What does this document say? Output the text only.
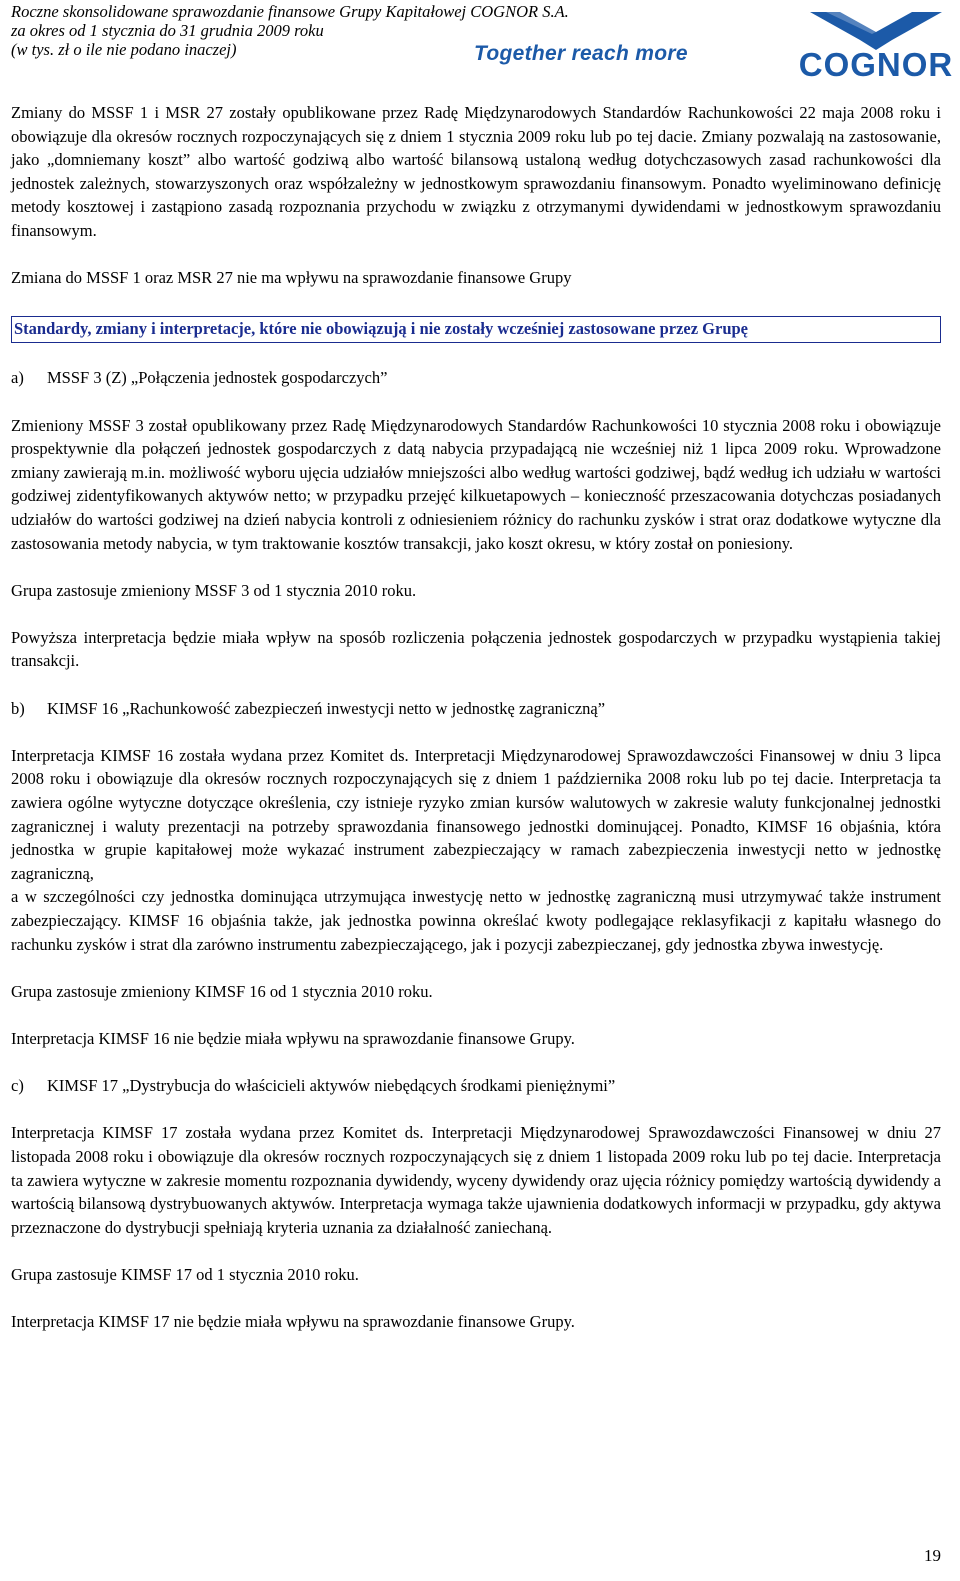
Roczne skonsolidowane sprawozdanie finansowe Grupy Kapitałowej COGNOR S.A.
za okres od 1 stycznia do 31 grudnia 2009 roku
(w tys. zł o ile nie podano inaczej)	Together reach more	COGNOR

Zmiany do MSSF 1 i MSR 27 zostały opublikowane przez Radę Międzynarodowych Standardów Rachunkowości 22 maja 2008 roku i obowiązuje dla okresów rocznych rozpoczynających się z dniem 1 stycznia 2009 roku lub po tej dacie. Zmiany pozwalają na zastosowanie, jako „domniemany koszt” albo wartość godziwą albo wartość bilansową ustaloną według dotychczasowych zasad rachunkowości dla jednostek zależnych, stowarzyszonych oraz współzależny w jednostkowym sprawozdaniu finansowym. Ponadto wyeliminowano definicję metody kosztowej i zastąpiono zasadą rozpoznania przychodu w związku z otrzymanymi dywidendami w jednostkowym sprawozdaniu finansowym.

Zmiana do MSSF 1 oraz MSR 27 nie ma wpływu na sprawozdanie finansowe Grupy

Standardy, zmiany i interpretacje, które nie obowiązują i nie zostały wcześniej zastosowane przez Grupę
a)	MSSF 3 (Z) „Połączenia jednostek gospodarczych”

Zmieniony MSSF 3 został opublikowany przez Radę Międzynarodowych Standardów Rachunkowości 10 stycznia 2008 roku i obowiązuje prospektywnie dla połączeń jednostek gospodarczych z datą nabycia przypadającą nie wcześniej niż 1 lipca 2009 roku. Wprowadzone zmiany zawierają m.in. możliwość wyboru ujęcia udziałów mniejszości albo według wartości godziwej, bądź według ich udziału w wartości godziwej zidentyfikowanych aktywów netto; w przypadku przejęć kilkuetapowych – konieczność przeszacowania dotychczas posiadanych udziałów do wartości godziwej na dzień nabycia kontroli z odniesieniem różnicy do rachunku zysków i strat oraz dodatkowe wytyczne dla zastosowania metody nabycia, w tym traktowanie kosztów transakcji, jako koszt okresu, w który został on poniesiony.

Grupa zastosuje zmieniony MSSF 3 od 1 stycznia 2010 roku.

Powyższa interpretacja będzie miała wpływ na sposób rozliczenia połączenia jednostek gospodarczych w przypadku wystąpienia takiej transakcji.

b)	KIMSF 16 „Rachunkowość zabezpieczeń inwestycji netto w jednostkę zagraniczną”

Interpretacja KIMSF 16 została wydana przez Komitet ds. Interpretacji Międzynarodowej Sprawozdawczości Finansowej w dniu 3 lipca 2008 roku i obowiązuje dla okresów rocznych rozpoczynających się z dniem 1 października 2008 roku lub po tej dacie. Interpretacja ta zawiera ogólne wytyczne dotyczące określenia, czy istnieje ryzyko zmian kursów walutowych w zakresie waluty funkcjonalnej jednostki zagranicznej i waluty prezentacji na potrzeby sprawozdania finansowego jednostki dominującej. Ponadto, KIMSF 16 objaśnia, która jednostka w grupie kapitałowej może wykazać instrument zabezpieczający w ramach zabezpieczenia inwestycji netto w jednostkę zagraniczną,

a w szczególności czy jednostka dominująca utrzymująca inwestycję netto w jednostkę zagraniczną musi utrzymywać także instrument zabezpieczający. KIMSF 16 objaśnia także, jak jednostka powinna określać kwoty podlegające reklasyfikacji z kapitału własnego do rachunku zysków i strat dla zarówno instrumentu zabezpieczającego, jak i pozycji zabezpieczanej, gdy jednostka zbywa inwestycję.

Grupa zastosuje zmieniony KIMSF 16 od 1 stycznia 2010 roku.

Interpretacja KIMSF 16 nie będzie miała wpływu na sprawozdanie finansowe Grupy.

c)	KIMSF 17 „Dystrybucja do właścicieli aktywów niebędących środkami pieniężnymi”

Interpretacja KIMSF 17 została wydana przez Komitet ds. Interpretacji Międzynarodowej Sprawozdawczości Finansowej w dniu 27 listopada 2008 roku i obowiązuje dla okresów rocznych rozpoczynających się z dniem 1 listopada 2009 roku lub po tej dacie. Interpretacja ta zawiera wytyczne w zakresie momentu rozpoznania dywidendy, wyceny dywidendy oraz ujęcia różnicy pomiędzy wartością dywidendy a wartością bilansową dystrybuowanych aktywów. Interpretacja wymaga także ujawnienia dodatkowych informacji w przypadku, gdy aktywa przeznaczone do dystrybucji spełniają kryteria uznania za działalność zaniechaną.

Grupa zastosuje KIMSF 17 od 1 stycznia 2010 roku.

Interpretacja KIMSF 17 nie będzie miała wpływu na sprawozdanie finansowe Grupy.

19
